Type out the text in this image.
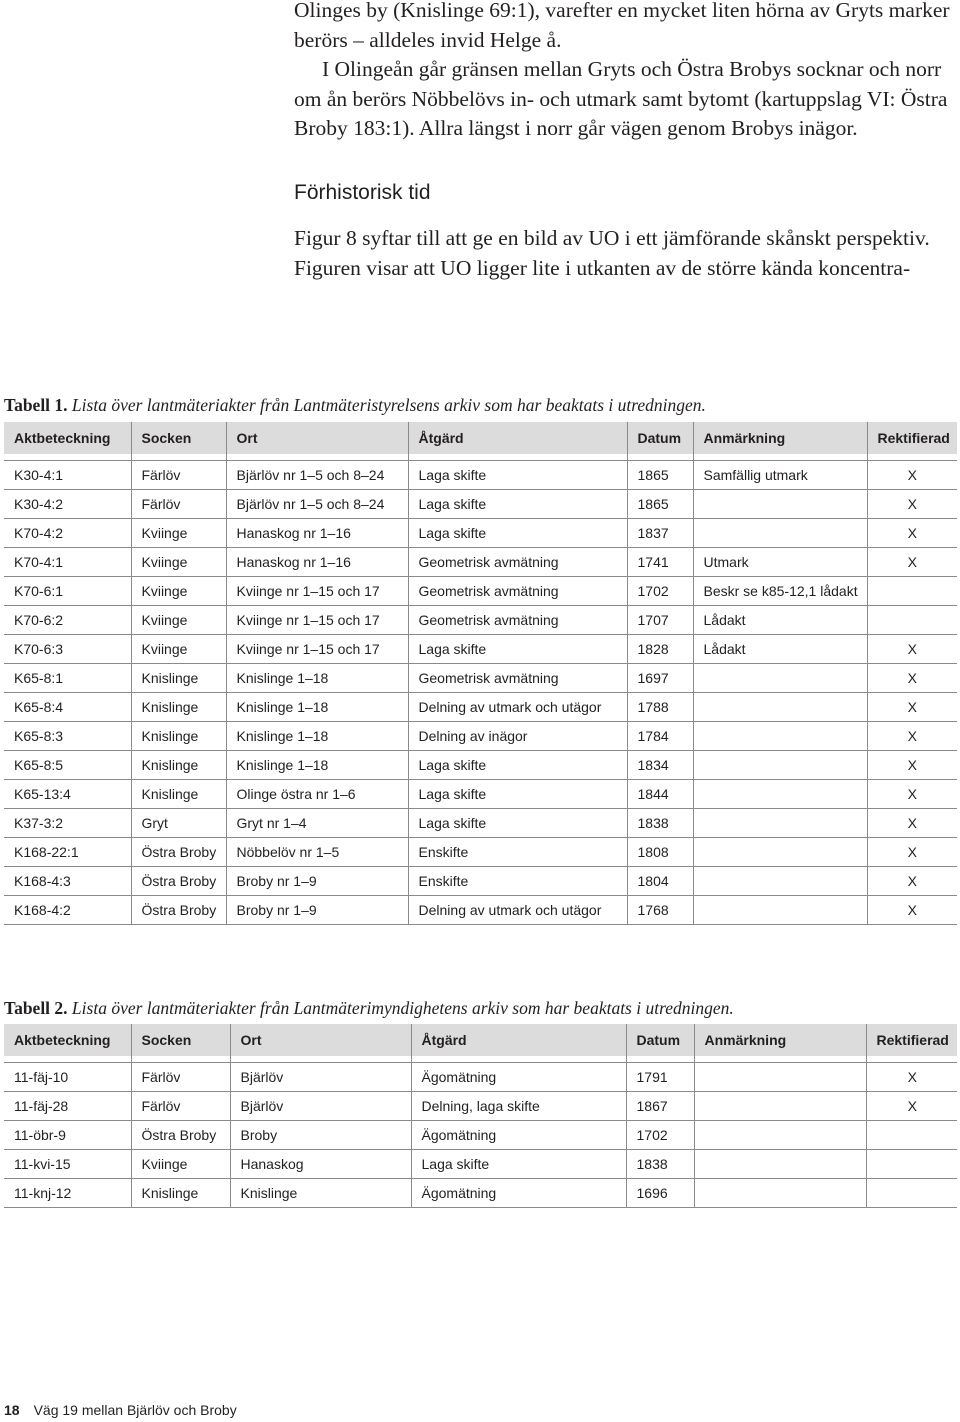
Olinges by (Knislinge 69:1), varefter en mycket liten hörna av Gryts marker
berörs – alldeles invid Helge å.
I Olingeån går gränsen mellan Gryts och Östra Brobys socknar och norr
om ån berörs Nöbbelövs in- och utmark samt bytomt (kartuppslag VI: Östra
Broby 183:1). Allra längst i norr går vägen genom Brobys inägor.
Förhistorisk tid
Figur 8 syftar till att ge en bild av UO i ett jämförande skånskt perspektiv.
Figuren visar att UO ligger lite i utkanten av de större kända koncentra-
Tabell 1. Lista över lantmäteriakter från Lantmäteristyrelsens arkiv som har beaktats i utredningen.
Aktbeteckning	Socken	Ort	Åtgärd	Datum	Anmärkning	Rektifierad

K30-4:1	Färlöv	Bjärlöv nr 1–5 och 8–24	Laga skifte	1865	Samfällig utmark	X
K30-4:2	Färlöv	Bjärlöv nr 1–5 och 8–24	Laga skifte	1865		X
K70-4:2	Kviinge	Hanaskog nr 1–16	Laga skifte	1837		X
K70-4:1	Kviinge	Hanaskog nr 1–16	Geometrisk avmätning	1741	Utmark	X
K70-6:1	Kviinge	Kviinge nr 1–15 och 17	Geometrisk avmätning	1702	Beskr se k85-12,1 lådakt	
K70-6:2	Kviinge	Kviinge nr 1–15 och 17	Geometrisk avmätning	1707	Lådakt	
K70-6:3	Kviinge	Kviinge nr 1–15 och 17	Laga skifte	1828	Lådakt	X
K65-8:1	Knislinge	Knislinge 1–18	Geometrisk avmätning	1697		X
K65-8:4	Knislinge	Knislinge 1–18	Delning av utmark och utägor	1788		X
K65-8:3	Knislinge	Knislinge 1–18	Delning av inägor	1784		X
K65-8:5	Knislinge	Knislinge 1–18	Laga skifte	1834		X
K65-13:4	Knislinge	Olinge östra nr 1–6	Laga skifte	1844		X
K37-3:2	Gryt	Gryt nr 1–4	Laga skifte	1838		X
K168-22:1	Östra Broby	Nöbbelöv nr 1–5	Enskifte	1808		X
K168-4:3	Östra Broby	Broby nr 1–9	Enskifte	1804		X
K168-4:2	Östra Broby	Broby nr 1–9	Delning av utmark och utägor	1768		X
Tabell 2. Lista över lantmäteriakter från Lantmäterimyndighetens arkiv som har beaktats i utredningen.
Aktbeteckning	Socken	Ort	Åtgärd	Datum	Anmärkning	Rektifierad

11-fäj-10	Färlöv	Bjärlöv	Ägomätning	1791		X
11-fäj-28	Färlöv	Bjärlöv	Delning, laga skifte	1867		X
11-öbr-9	Östra Broby	Broby	Ägomätning	1702		
11-kvi-15	Kviinge	Hanaskog	Laga skifte	1838		
11-knj-12	Knislinge	Knislinge	Ägomätning	1696		
18 Väg 19 mellan Bjärlöv och Broby
